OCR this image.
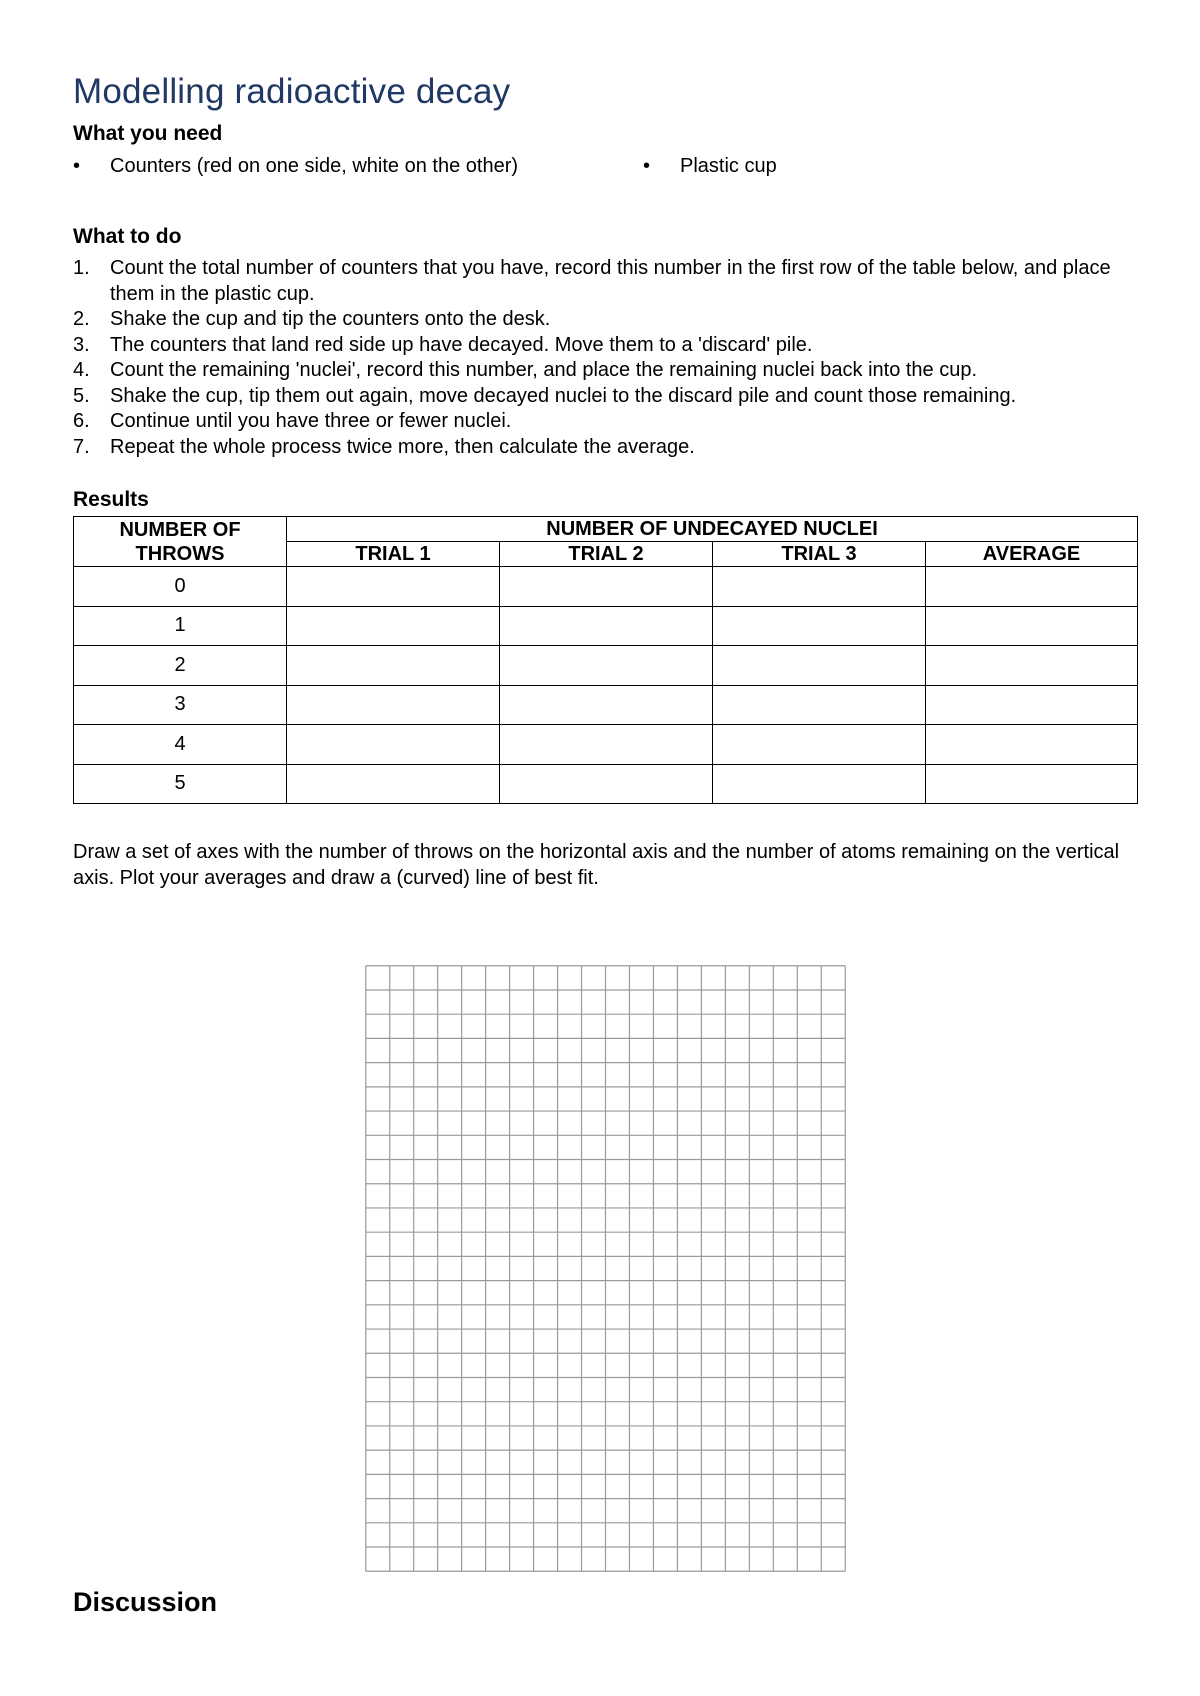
Modelling radioactive decay
What you need
• Counters (red on one side, white on the other)	• Plastic cup
What to do
1. Count the total number of counters that you have, record this number in the first row of the table below, and place them in the plastic cup.
2. Shake the cup and tip the counters onto the desk.
3. The counters that land red side up have decayed. Move them to a 'discard' pile.
4. Count the remaining 'nuclei', record this number, and place the remaining nuclei back into the cup.
5. Shake the cup, tip them out again, move decayed nuclei to the discard pile and count those remaining.
6. Continue until you have three or fewer nuclei.
7. Repeat the whole process twice more, then calculate the average.
Results
NUMBER OF THROWS	NUMBER OF UNDECAYED NUCLEI			
	TRIAL 1	TRIAL 2	TRIAL 3	AVERAGE
0				
1				
2				
3				
4				
5				

Draw a set of axes with the number of throws on the horizontal axis and the number of atoms remaining on the vertical axis. Plot your averages and draw a (curved) line of best fit.

Discussion
